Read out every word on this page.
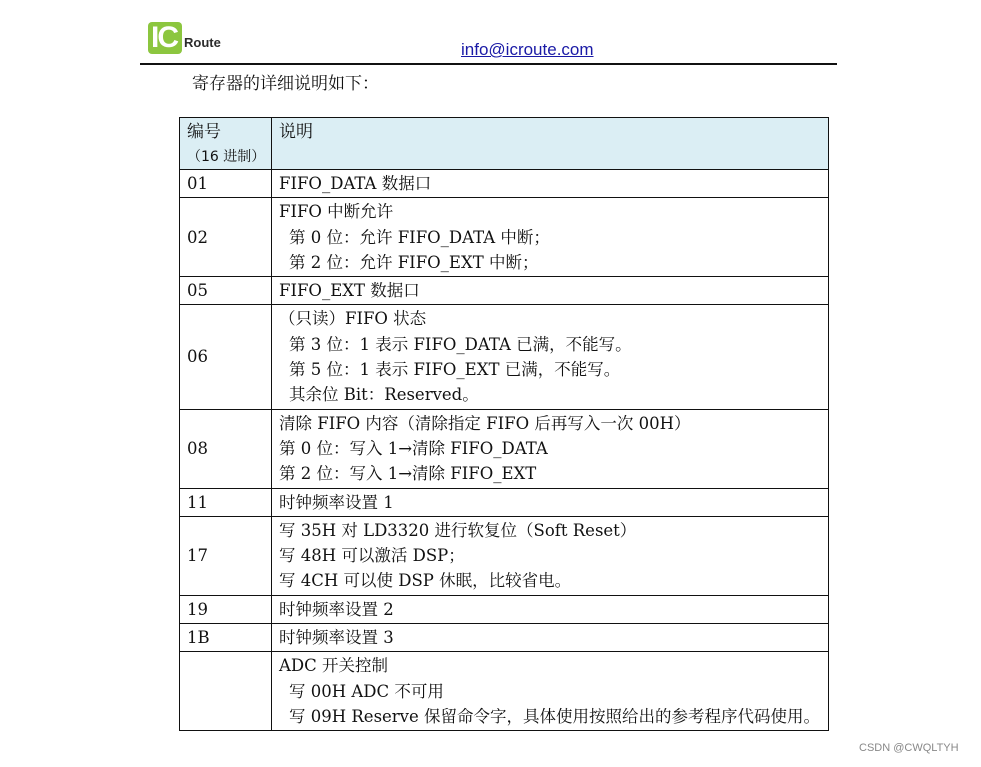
IC Route	info@icroute.com
寄存器的详细说明如下：
编号
（16 进制）	说明
01	FIFO_DATA 数据口

02	FIFO 中断允许
第 0 位：允许 FIFO_DATA 中断；
第 2 位：允许 FIFO_EXT 中断；

05	FIFO_EXT 数据口

06	（只读）FIFO 状态
第 3 位：1 表示 FIFO_DATA 已满，不能写。
第 5 位：1 表示 FIFO_EXT 已满，不能写。
其余位 Bit：Reserved。

08	清除 FIFO 内容（清除指定 FIFO 后再写入一次 00H）
第 0 位：写入 1→清除 FIFO_DATA
第 2 位：写入 1→清除 FIFO_EXT

11	时钟频率设置 1

17	写 35H 对 LD3320 进行软复位（Soft Reset）
写 48H 可以激活 DSP；
写 4CH 可以使 DSP 休眠，比较省电。

19	时钟频率设置 2

1B	时钟频率设置 3

	ADC 开关控制
写 00H ADC 不可用
写 09H Reserve 保留命令字，具体使用按照给出的参考程序代码使用。
CSDN @CWQLTYH
